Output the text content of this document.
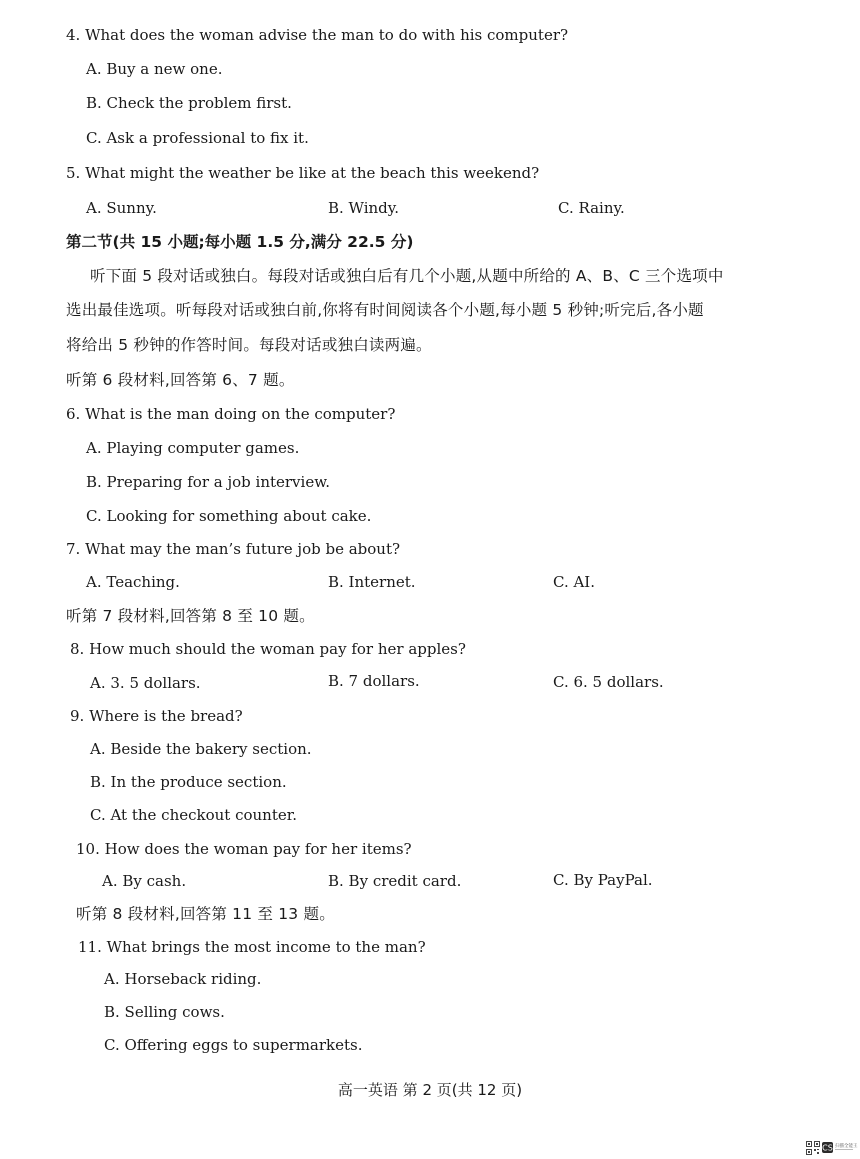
4. What does the woman advise the man to do with his computer?
A. Buy a new one.
B. Check the problem first.
C. Ask a professional to fix it.
5. What might the weather be like at the beach this weekend?
A. Sunny.	B. Windy.	C. Rainy.
第二节(共 15 小题;每小题 1.5 分,满分 22.5 分)
听下面 5 段对话或独白。每段对话或独白后有几个小题,从题中所给的 A、B、C 三个选项中
选出最佳选项。听每段对话或独白前,你将有时间阅读各个小题,每小题 5 秒钟;听完后,各小题
将给出 5 秒钟的作答时间。每段对话或独白读两遍。
听第 6 段材料,回答第 6、7 题。
6. What is the man doing on the computer?
A. Playing computer games.
B. Preparing for a job interview.
C. Looking for something about cake.
7. What may the man’s future job be about?
A. Teaching.	B. Internet.	C. AI.
听第 7 段材料,回答第 8 至 10 题。
8. How much should the woman pay for her apples?
A. 3. 5 dollars.	B. 7 dollars.	C. 6. 5 dollars.
9. Where is the bread?
A. Beside the bakery section.
B. In the produce section.
C. At the checkout counter.
10. How does the woman pay for her items?
A. By cash.	B. By credit card.	C. By PayPal.
听第 8 段材料,回答第 11 至 13 题。
11. What brings the most income to the man?
A. Horseback riding.
B. Selling cows.
C. Offering eggs to supermarkets.
高一英语 第 2 页(共 12 页)
CS 扫描全能王
